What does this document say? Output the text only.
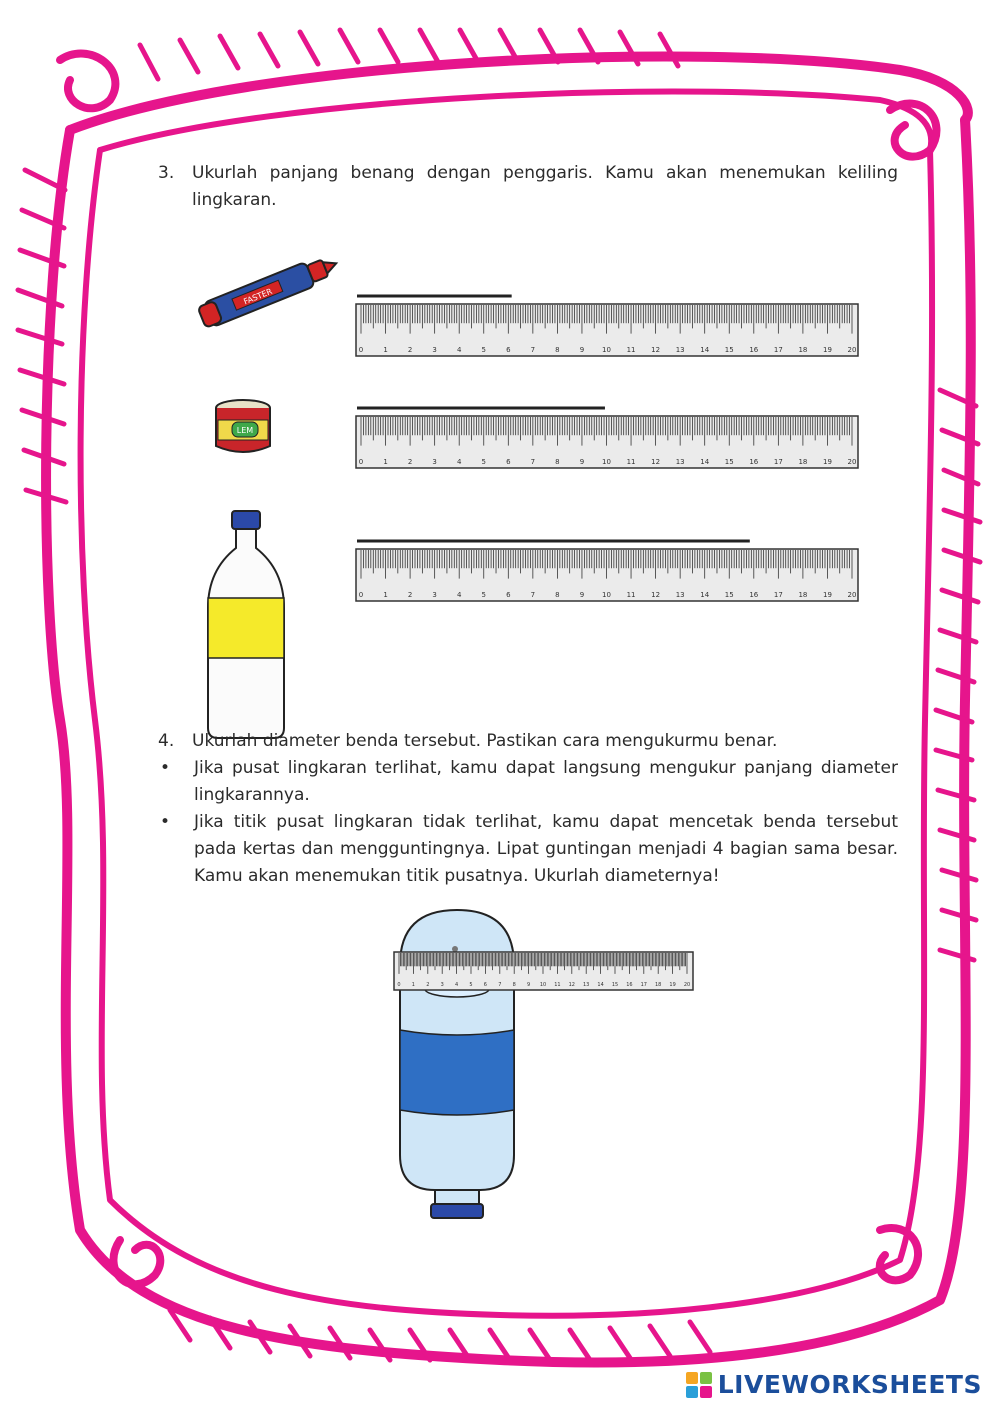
3.	Ukurlah panjang benang dengan penggaris. Kamu akan menemukan keliling lingkaran.
FASTER
LEM
0	1	2	3	4	5	6	7	8	9	10 11 12 13 14 15 16 17 18 19 20
0	1	2	3	4	5	6	7	8	9	10 11 12 13 14 15 16 17 18 19 20
0	1	2	3	4	5	6	7	8	9	10 11 12 13 14 15 16 17 18 19 20
4.	Ukurlah diameter benda tersebut. Pastikan cara mengukurmu benar.
•	Jika pusat lingkaran terlihat, kamu dapat langsung mengukur panjang diameter lingkarannya.
•	Jika titik pusat lingkaran tidak terlihat, kamu dapat mencetak benda tersebut pada kertas dan mengguntingnya. Lipat guntingan menjadi 4 bagian sama besar. Kamu akan menemukan titik pusatnya. Ukurlah diameternya!
0 1 2 3 4 5 6 7 8 9 10 11 12 13 14 15 16 17 18 19 20
LIVEWORKSHEETS
